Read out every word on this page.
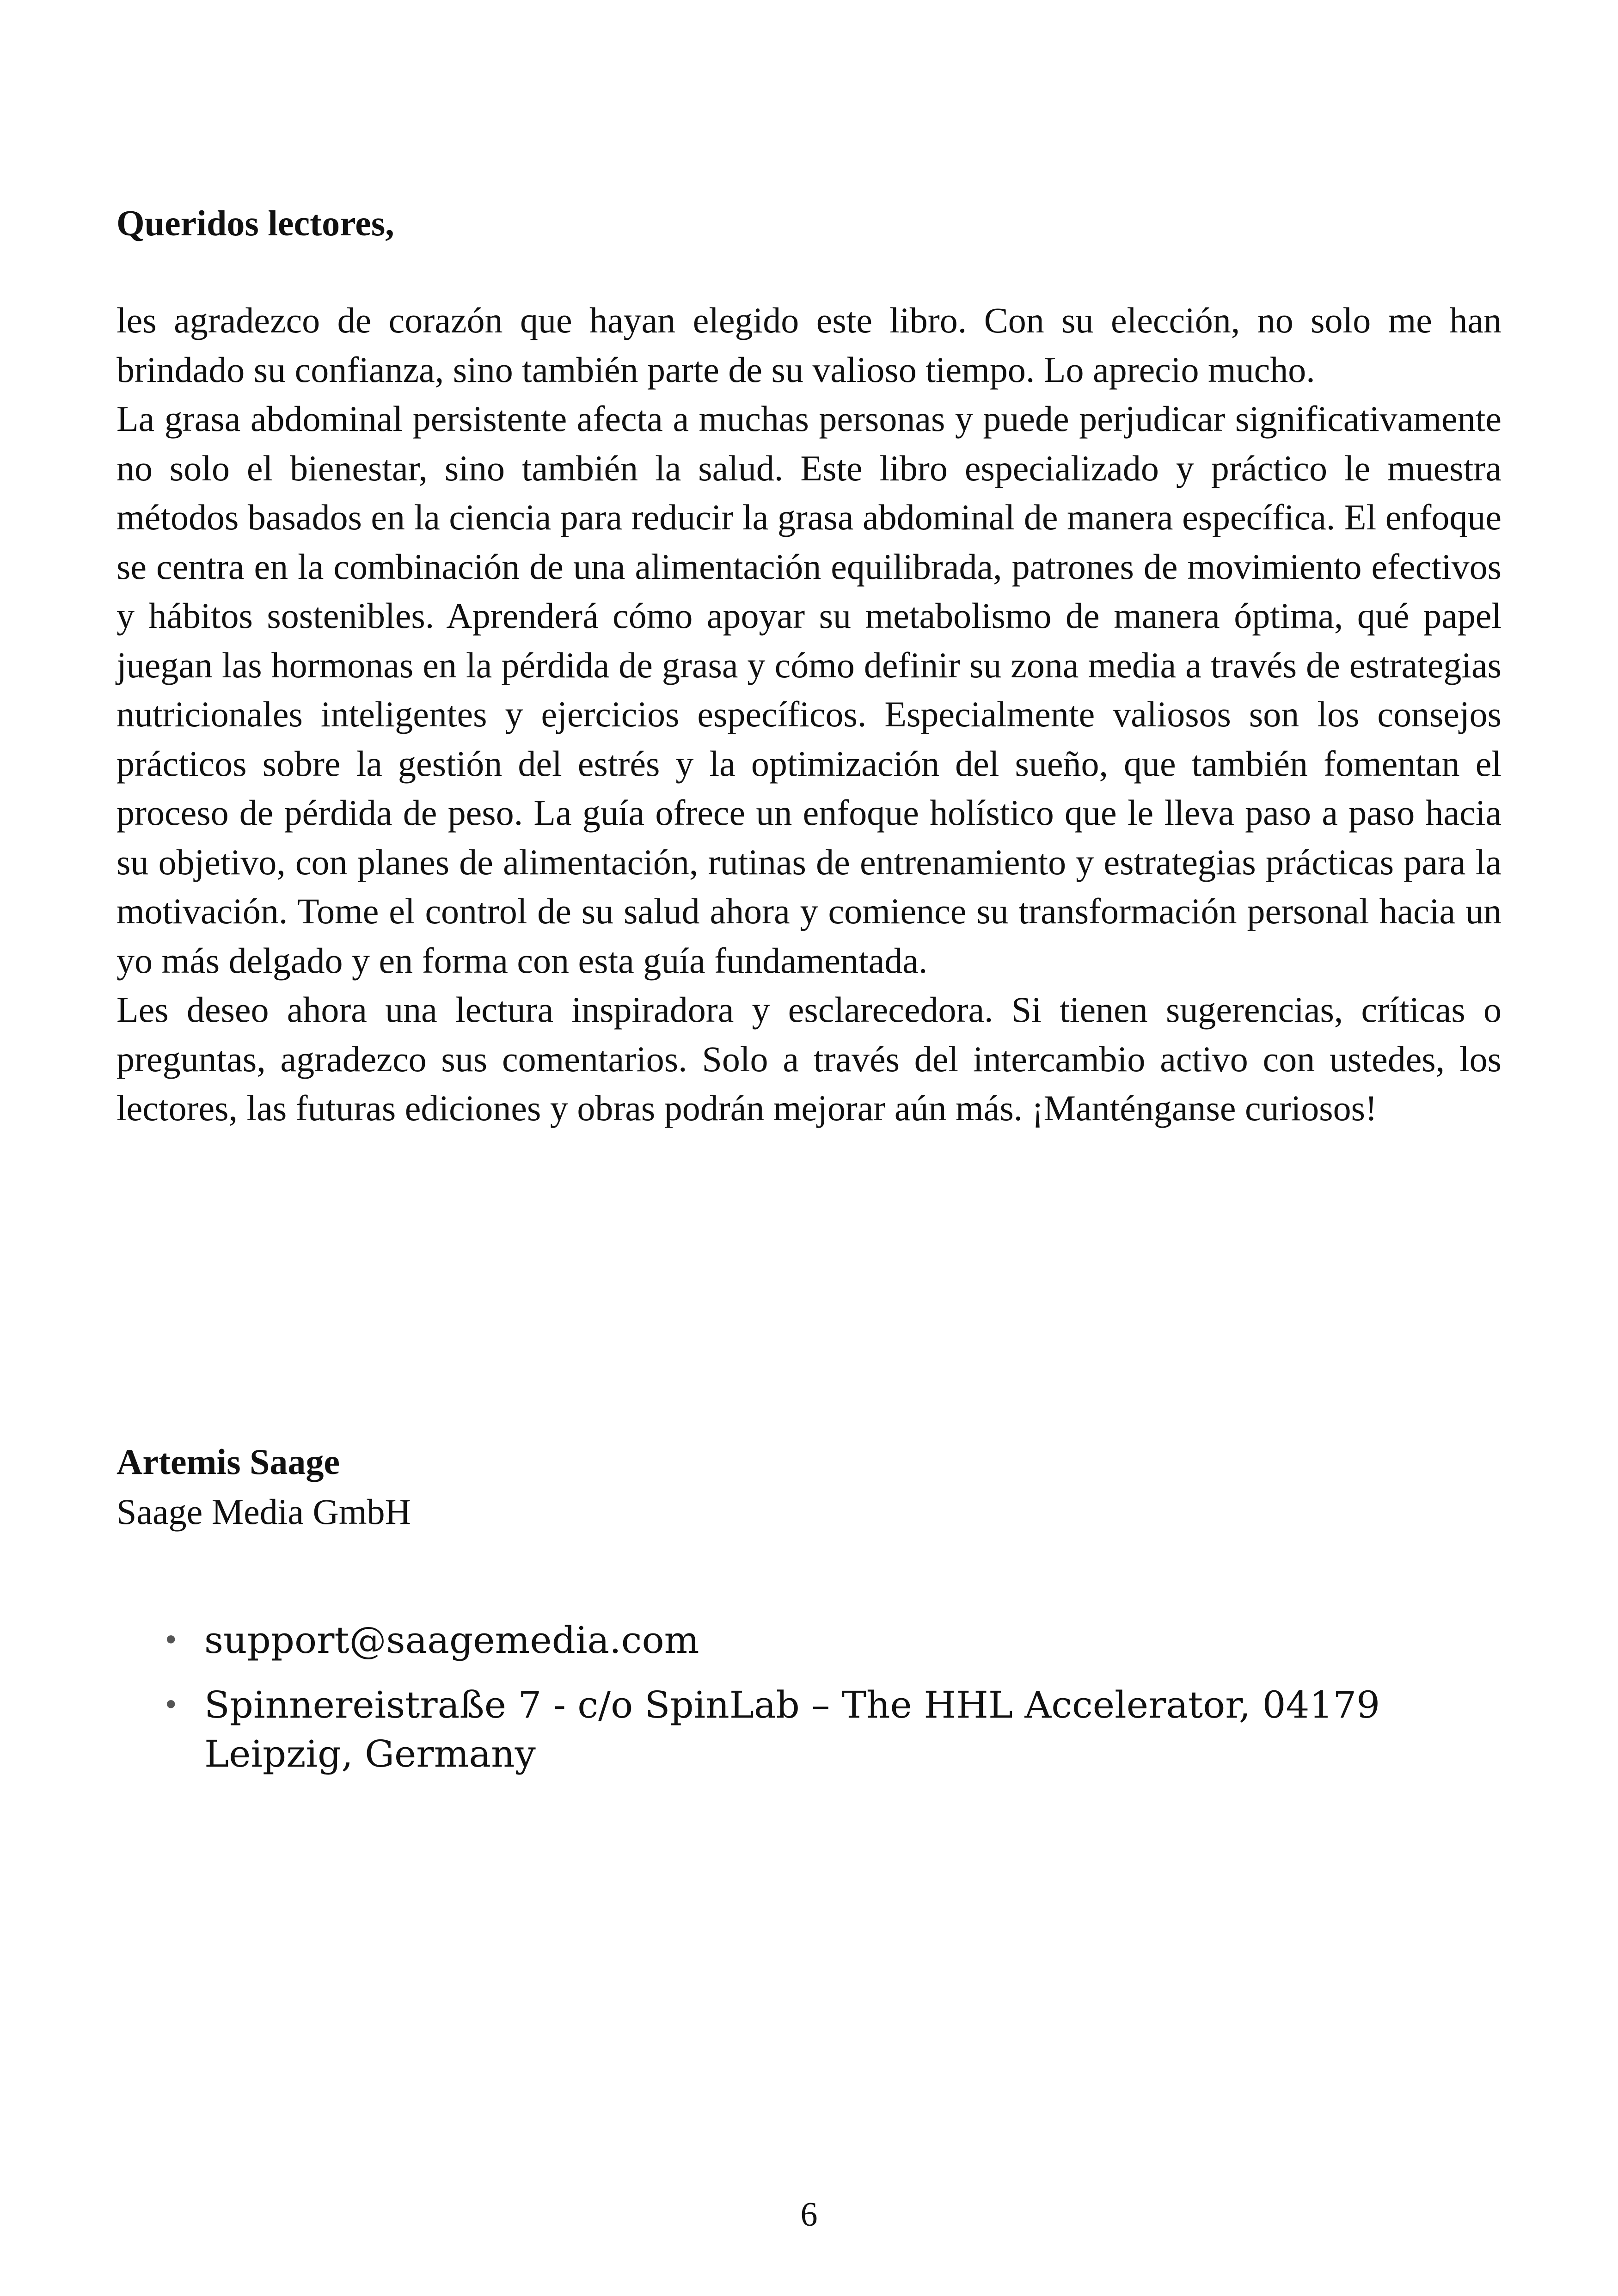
Queridos lectores,

les agradezco de corazón que hayan elegido este libro. Con su elección, no solo me han brindado su confianza, sino también parte de su valioso tiempo. Lo aprecio mucho.

La grasa abdominal persistente afecta a muchas personas y puede perjudicar significativamente no solo el bienestar, sino también la salud. Este libro especializado y práctico le muestra métodos basados en la ciencia para reducir la grasa abdominal de manera específica. El enfoque se centra en la combinación de una alimentación equilibrada, patrones de movimiento efectivos y hábitos sostenibles. Aprenderá cómo apoyar su metabolismo de manera óptima, qué papel juegan las hormonas en la pérdida de grasa y cómo definir su zona media a través de estrategias nutricionales inteligentes y ejercicios específicos. Especialmente valiosos son los consejos prácticos sobre la gestión del estrés y la optimización del sueño, que también fomentan el proceso de pérdida de peso. La guía ofrece un enfoque holístico que le lleva paso a paso hacia su objetivo, con planes de alimentación, rutinas de entrenamiento y estrategias prácticas para la motivación. Tome el control de su salud ahora y comience su transformación personal hacia un yo más delgado y en forma con esta guía fundamentada.

Les deseo ahora una lectura inspiradora y esclarecedora. Si tienen sugerencias, críticas o preguntas, agradezco sus comentarios. Solo a través del intercambio activo con ustedes, los lectores, las futuras ediciones y obras podrán mejorar aún más. ¡Manténganse curiosos!

Artemis Saage
Saage Media GmbH
• support@saagemedia.com
• Spinnereistraße 7 - c/o SpinLab – The HHL Accelerator, 04179 Leipzig, Germany
6
